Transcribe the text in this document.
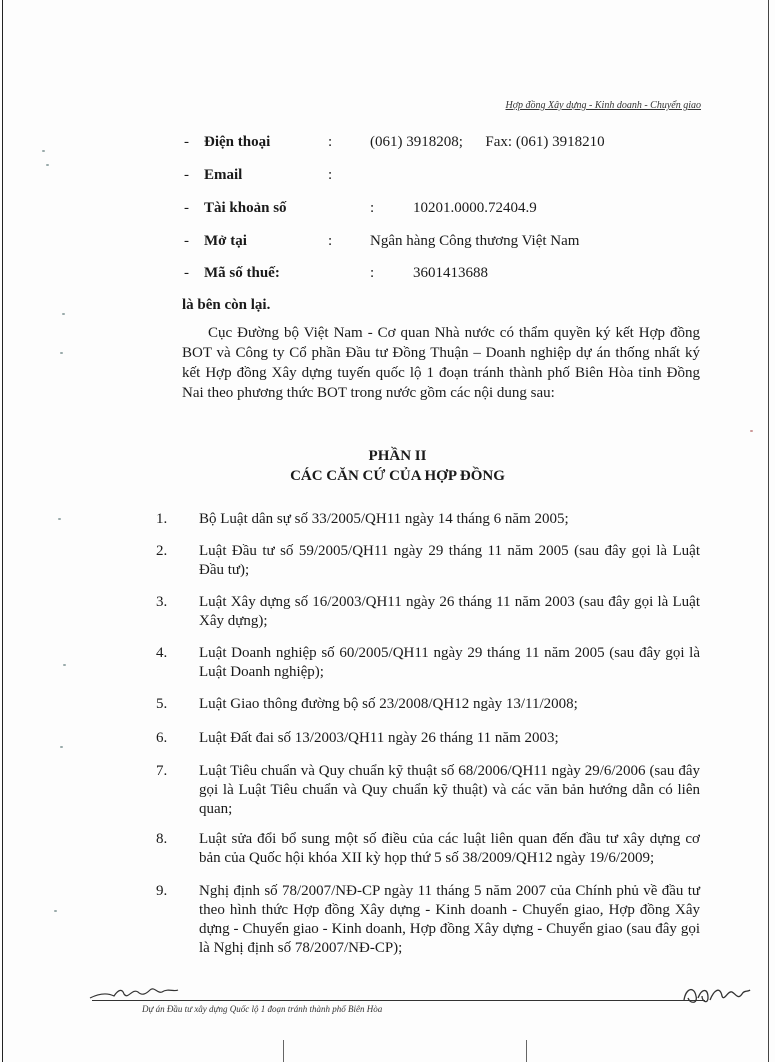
Hợp đồng Xây dựng - Kinh doanh - Chuyển giao
- Điện thoại	:	(061) 3918208;      Fax: (061) 3918210
- Email	:
- Tài khoản số	:	10201.0000.72404.9
- Mở tại	:	Ngân hàng Công thương Việt Nam
- Mã số thuế:	:	3601413688
là bên còn lại.
Cục Đường bộ Việt Nam - Cơ quan Nhà nước có thẩm quyền ký kết Hợp đồng BOT và Công ty Cổ phần Đầu tư Đồng Thuận – Doanh nghiệp dự án thống nhất ký kết Hợp đồng Xây dựng tuyến quốc lộ 1 đoạn tránh thành phố Biên Hòa tỉnh Đồng Nai theo phương thức BOT trong nước gồm các nội dung sau:
PHẦN II
CÁC CĂN CỨ CỦA HỢP ĐỒNG
1. Bộ Luật dân sự số 33/2005/QH11 ngày 14 tháng 6 năm 2005;
2. Luật Đầu tư số 59/2005/QH11 ngày 29 tháng 11 năm 2005 (sau đây gọi là Luật Đầu tư);
3. Luật Xây dựng số 16/2003/QH11 ngày 26 tháng 11 năm 2003 (sau đây gọi là Luật Xây dựng);
4. Luật Doanh nghiệp số 60/2005/QH11 ngày 29 tháng 11 năm 2005 (sau đây gọi là Luật Doanh nghiệp);
5. Luật Giao thông đường bộ số 23/2008/QH12 ngày 13/11/2008;
6. Luật Đất đai số 13/2003/QH11 ngày 26 tháng 11 năm 2003;
7. Luật Tiêu chuẩn và Quy chuẩn kỹ thuật số 68/2006/QH11 ngày 29/6/2006 (sau đây gọi là Luật Tiêu chuẩn và Quy chuẩn kỹ thuật) và các văn bản hướng dẫn có liên quan;
8. Luật sửa đổi bổ sung một số điều của các luật liên quan đến đầu tư xây dựng cơ bản của Quốc hội khóa XII kỳ họp thứ 5 số 38/2009/QH12 ngày 19/6/2009;
9. Nghị định số 78/2007/NĐ-CP ngày 11 tháng 5 năm 2007 của Chính phủ về đầu tư theo hình thức Hợp đồng Xây dựng - Kinh doanh - Chuyển giao, Hợp đồng Xây dựng - Chuyển giao - Kinh doanh, Hợp đồng Xây dựng - Chuyển giao (sau đây gọi là Nghị định số 78/2007/NĐ-CP);
Dự án Đầu tư xây dựng Quốc lộ 1 đoạn tránh thành phố Biên Hòa
